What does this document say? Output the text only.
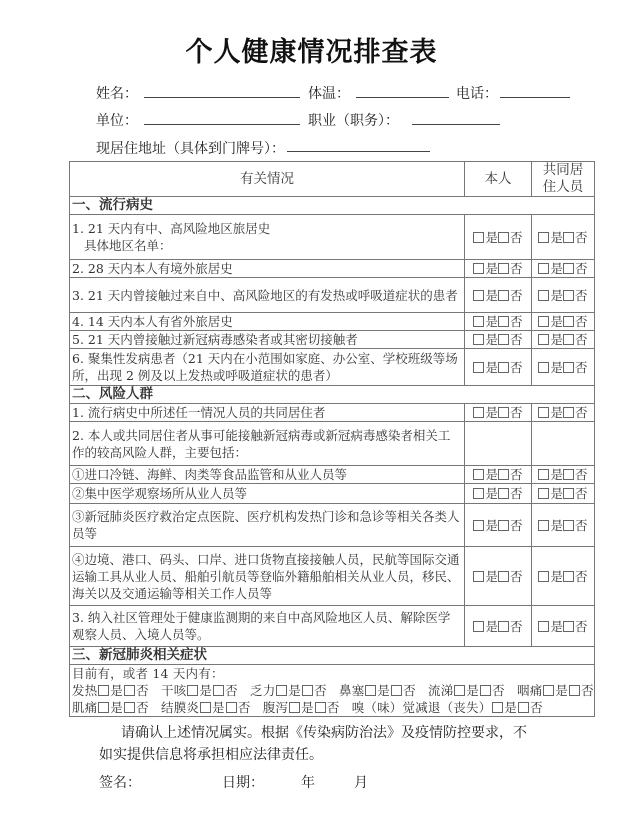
个人健康情况排查表
姓名：	体温：	电话：
单位：	职业（职务）：
现居住地址（具体到门牌号）：
有关情况	本人	共同居
住人员
一、流行病史		
1. 21 天内有中、高风险地区旅居史
具体地区名单：	是 否	是 否
2. 28 天内本人有境外旅居史	是 否	是 否
3. 21 天内曾接触过来自中、高风险地区的有发热或呼吸道症状的患者	是 否	是 否
4. 14 天内本人有省外旅居史	是 否	是 否
5. 21 天内曾接触过新冠病毒感染者或其密切接触者	是 否	是 否
6. 聚集性发病患者（21 天内在小范围如家庭、办公室、学校班级等场所，出现 2 例及以上发热或呼吸道症状的患者）	是 否	是 否
二、风险人群		
1. 流行病史中所述任一情况人员的共同居住者	是 否	是 否
2. 本人或共同居住者从事可能接触新冠病毒或新冠病毒感染者相关工作的较高风险人群，主要包括：		
①进口冷链、海鲜、肉类等食品监管和从业人员等	是 否	是 否
②集中医学观察场所从业人员等	是 否	是 否
③新冠肺炎医疗救治定点医院、医疗机构发热门诊和急诊等相关各类人员等	是 否	是 否
④边境、港口、码头、口岸、进口货物直接接触人员，民航等国际交通运输工具从业人员、船舶引航员等登临外籍船舶相关从业人员，移民、海关以及交通运输等相关工作人员等	是 否	是 否
3. 纳入社区管理处于健康监测期的来自中高风险地区人员、解除医学观察人员、入境人员等。	是 否	是 否
三、新冠肺炎相关症状		

目前有，或者 14 天内有：
发热 是 否 干咳 是 否 乏力 是 否 鼻塞 是 否 流涕 是 否 咽痛 是 否
肌痛 是 否 结膜炎 是 否 腹泻 是 否 嗅（味）觉减退（丧失） 是 否		
请确认上述情况属实。根据《传染病防治法》及疫情防控要求，不
如实提供信息将承担相应法律责任。
签名：	日期：	年	月
